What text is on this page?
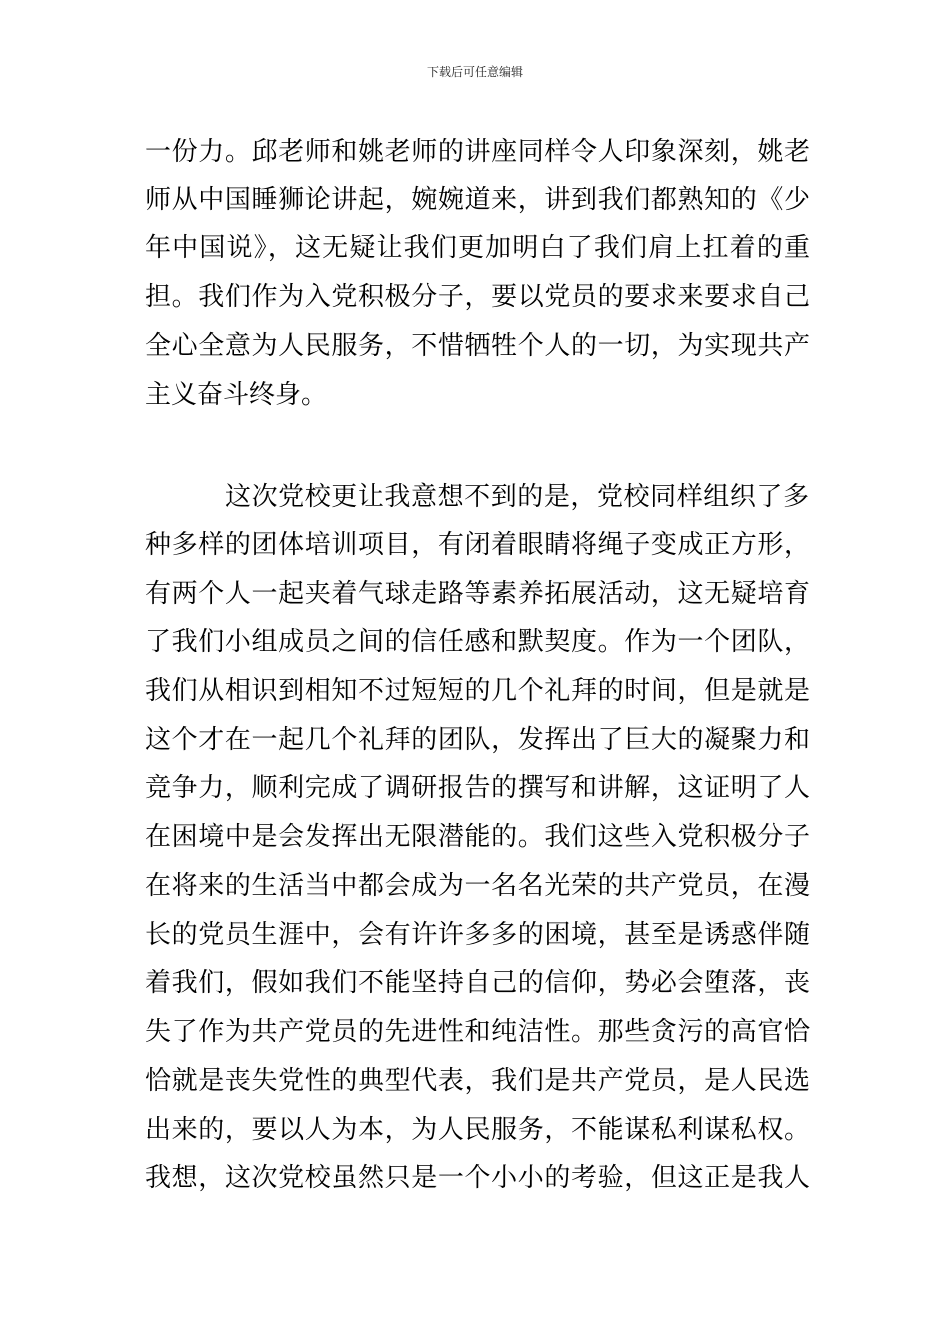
下载后可任意编辑
一份力。邱老师和姚老师的讲座同样令人印象深刻，姚老
师从中国睡狮论讲起，婉婉道来，讲到我们都熟知的《少
年中国说》，这无疑让我们更加明白了我们肩上扛着的重
担。我们作为入党积极分子，要以党员的要求来要求自己
全心全意为人民服务，不惜牺牲个人的一切，为实现共产
主义奋斗终身。
这次党校更让我意想不到的是，党校同样组织了多
种多样的团体培训项目，有闭着眼睛将绳子变成正方形，
有两个人一起夹着气球走路等素养拓展活动，这无疑培育
了我们小组成员之间的信任感和默契度。作为一个团队，
我们从相识到相知不过短短的几个礼拜的时间，但是就是
这个才在一起几个礼拜的团队，发挥出了巨大的凝聚力和
竞争力，顺利完成了调研报告的撰写和讲解，这证明了人
在困境中是会发挥出无限潜能的。我们这些入党积极分子
在将来的生活当中都会成为一名名光荣的共产党员，在漫
长的党员生涯中，会有许许多多的困境，甚至是诱惑伴随
着我们，假如我们不能坚持自己的信仰，势必会堕落，丧
失了作为共产党员的先进性和纯洁性。那些贪污的高官恰
恰就是丧失党性的典型代表，我们是共产党员，是人民选
出来的，要以人为本，为人民服务，不能谋私利谋私权。
我想，这次党校虽然只是一个小小的考验，但这正是我人
